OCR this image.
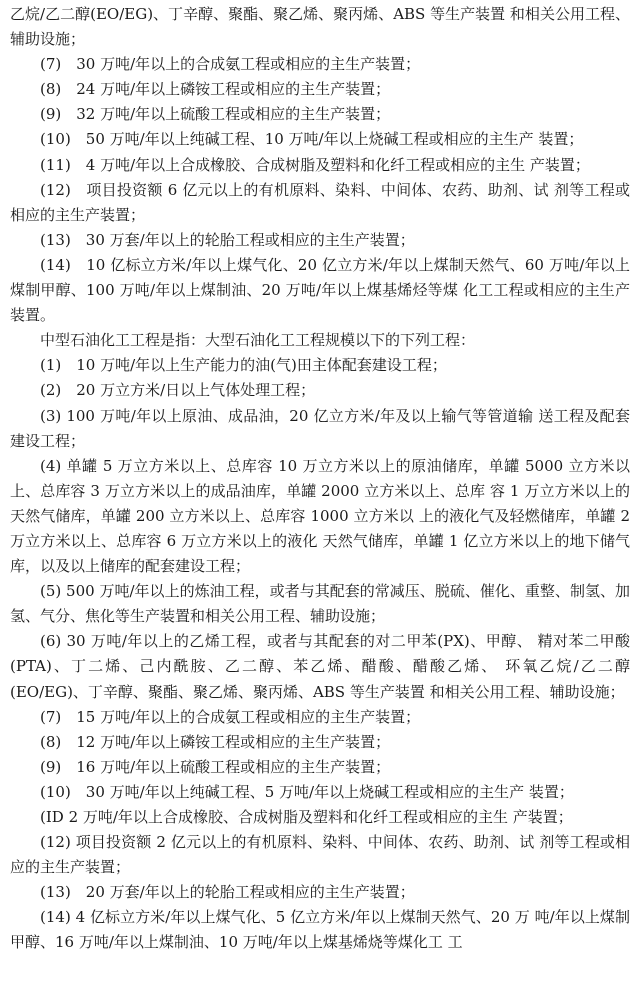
乙烷/乙二醇(EO/EG)、丁辛醇、聚酯、聚乙烯、聚丙烯、ABS 等生产装置 和相关公用工程、辅助设施；

(7)　30 万吨/年以上的合成氨工程或相应的主生产装置；

(8)　24 万吨/年以上磷铵工程或相应的主生产装置；

(9)　32 万吨/年以上硫酸工程或相应的主生产装置；

(10)　50 万吨/年以上纯碱工程、10 万吨/年以上烧碱工程或相应的主生产 装置；

(11)　4 万吨/年以上合成橡胶、合成树脂及塑料和化纤工程或相应的主生 产装置；

(12)　项目投资额 6 亿元以上的有机原料、染料、中间体、农药、助剂、试 剂等工程或相应的主生产装置；

(13)　30 万套/年以上的轮胎工程或相应的主生产装置；

(14)　10 亿标立方米/年以上煤气化、20 亿立方米/年以上煤制天然气、60 万吨/年以上煤制甲醇、100 万吨/年以上煤制油、20 万吨/年以上煤基烯烃等煤 化工工程或相应的主生产装置。

中型石油化工工程是指：大型石油化工工程规模以下的下列工程：

(1)　10 万吨/年以上生产能力的油(气)田主体配套建设工程；

(2)　20 万立方米/日以上气体处理工程；

(3) 100 万吨/年以上原油、成品油，20 亿立方米/年及以上输气等管道输 送工程及配套建设工程；

(4) 单罐 5 万立方米以上、总库容 10 万立方米以上的原油储库，单罐 5000 立方米以上、总库容 3 万立方米以上的成品油库，单罐 2000 立方米以上、总库 容 1 万立方米以上的天然气储库，单罐 200 立方米以上、总库容 1000 立方米以 上的液化气及轻燃储库，单罐 2 万立方米以上、总库容 6 万立方米以上的液化 天然气储库，单罐 1 亿立方米以上的地下储气库，以及以上储库的配套建设工程；

(5) 500 万吨/年以上的炼油工程，或者与其配套的常减压、脱硫、催化、重整、制氢、加氢、气分、焦化等生产装置和相关公用工程、辅助设施；

(6) 30 万吨/年以上的乙烯工程，或者与其配套的对二甲苯(PX)、甲醇、 精对苯二甲酸(PTA)、丁二烯、己内酰胺、乙二醇、苯乙烯、醋酸、醋酸乙烯、 环氧乙烷/乙二醇(EO/EG)、丁辛醇、聚酯、聚乙烯、聚丙烯、ABS 等生产装置 和相关公用工程、辅助设施；

(7)　15 万吨/年以上的合成氨工程或相应的主生产装置；

(8)　12 万吨/年以上磷铵工程或相应的主生产装置；

(9)　16 万吨/年以上硫酸工程或相应的主生产装置；

(10)　30 万吨/年以上纯碱工程、5 万吨/年以上烧碱工程或相应的主生产 装置；

(ID 2 万吨/年以上合成橡胶、合成树脂及塑料和化纤工程或相应的主生 产装置；

(12) 项目投资额 2 亿元以上的有机原料、染料、中间体、农药、助剂、试 剂等工程或相应的主生产装置；

(13)　20 万套/年以上的轮胎工程或相应的主生产装置；

(14) 4 亿标立方米/年以上煤气化、5 亿立方米/年以上煤制天然气、20 万 吨/年以上煤制甲醇、16 万吨/年以上煤制油、10 万吨/年以上煤基烯烧等煤化工 工
